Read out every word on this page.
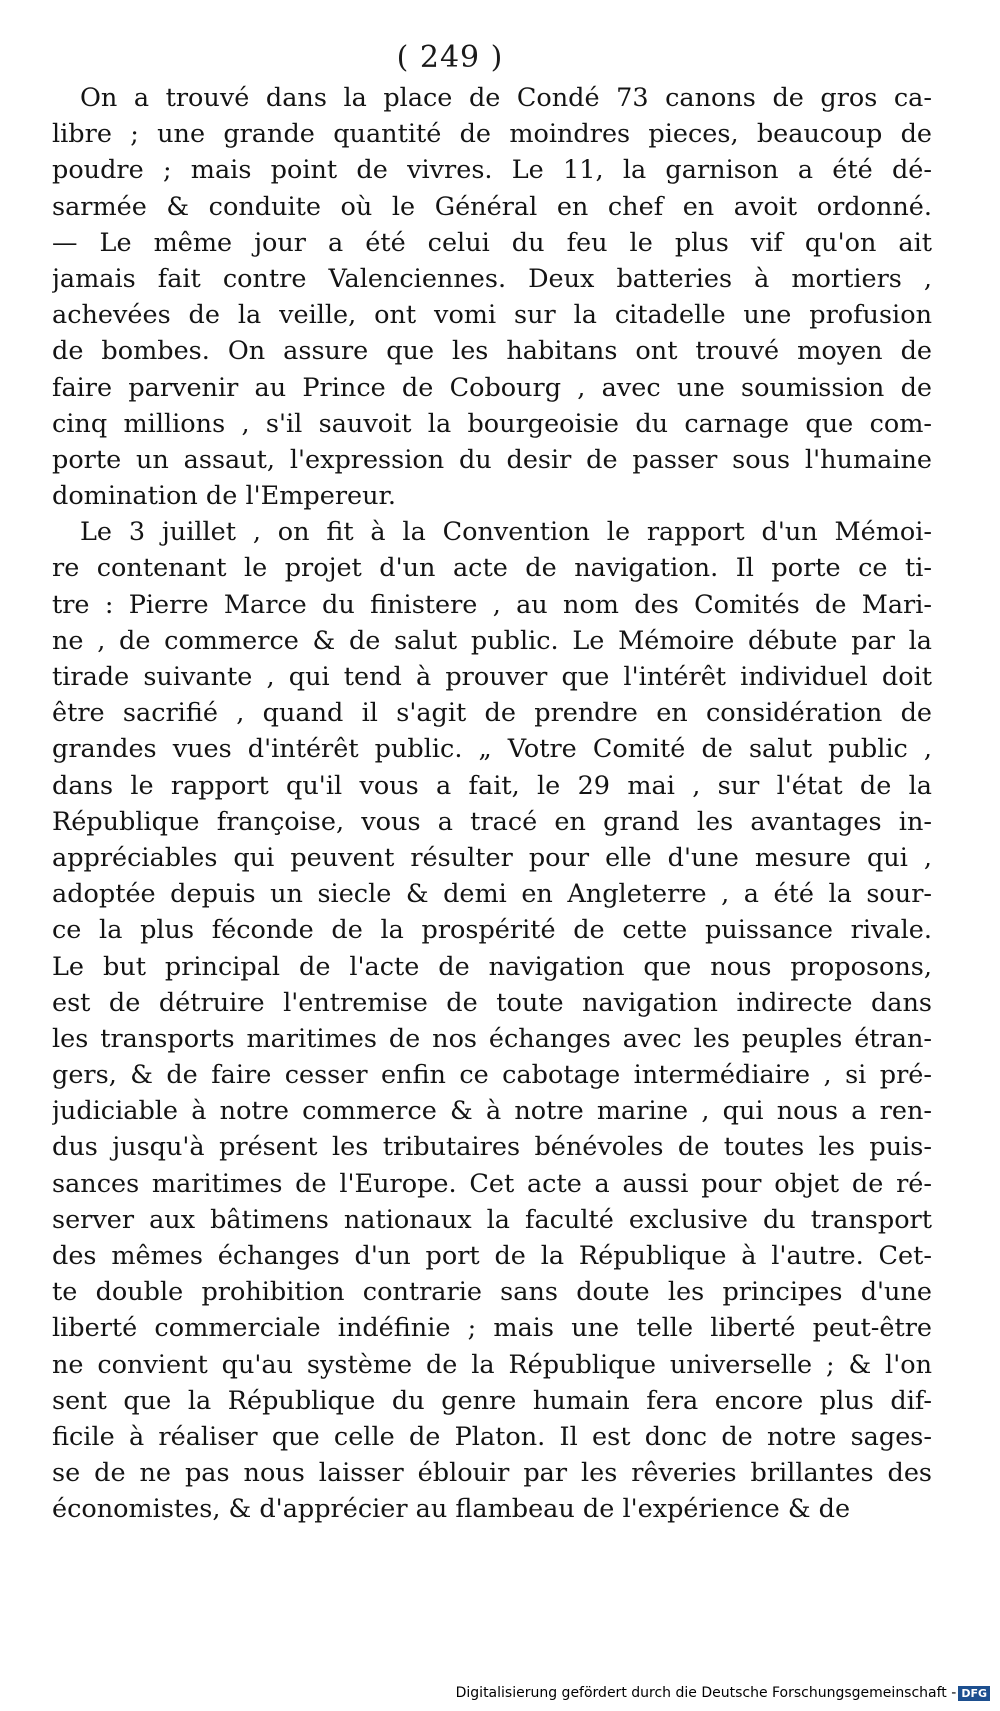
( 249 )
On a trouvé dans la place de Condé 73 canons de gros ca-
libre ; une grande quantité de moindres pieces, beaucoup de
poudre ; mais point de vivres. Le 11, la garnison a été dé-
sarmée & conduite où le Général en chef en avoit ordonné.
— Le même jour a été celui du feu le plus vif qu'on ait
jamais fait contre Valenciennes. Deux batteries à mortiers ,
achevées de la veille, ont vomi sur la citadelle une profusion
de bombes. On assure que les habitans ont trouvé moyen de
faire parvenir au Prince de Cobourg , avec une soumission de
cinq millions , s'il sauvoit la bourgeoisie du carnage que com-
porte un assaut, l'expression du desir de passer sous l'humaine
domination de l'Empereur.
Le 3 juillet , on fit à la Convention le rapport d'un Mémoi-
re contenant le projet d'un acte de navigation. Il porte ce ti-
tre : Pierre Marce du finistere , au nom des Comités de Mari-
ne , de commerce & de salut public. Le Mémoire débute par la
tirade suivante , qui tend à prouver que l'intérêt individuel doit
être sacrifié , quand il s'agit de prendre en considération de
grandes vues d'intérêt public. „ Votre Comité de salut public ,
dans le rapport qu'il vous a fait, le 29 mai , sur l'état de la
République françoise, vous a tracé en grand les avantages in-
appréciables qui peuvent résulter pour elle d'une mesure qui ,
adoptée depuis un siecle & demi en Angleterre , a été la sour-
ce la plus féconde de la prospérité de cette puissance rivale.
Le but principal de l'acte de navigation que nous proposons,
est de détruire l'entremise de toute navigation indirecte dans
les transports maritimes de nos échanges avec les peuples étran-
gers, & de faire cesser enfin ce cabotage intermédiaire , si pré-
judiciable à notre commerce & à notre marine , qui nous a ren-
dus jusqu'à présent les tributaires bénévoles de toutes les puis-
sances maritimes de l'Europe. Cet acte a aussi pour objet de ré-
server aux bâtimens nationaux la faculté exclusive du transport
des mêmes échanges d'un port de la République à l'autre. Cet-
te double prohibition contrarie sans doute les principes d'une
liberté commerciale indéfinie ; mais une telle liberté peut-être
ne convient qu'au système de la République universelle ; & l'on
sent que la République du genre humain fera encore plus dif-
ficile à réaliser que celle de Platon. Il est donc de notre sages-
se de ne pas nous laisser éblouir par les rêveries brillantes des
économistes, & d'apprécier au flambeau de l'expérience & de
Digitalisierung gefördert durch die Deutsche Forschungsgemeinschaft - DFG
